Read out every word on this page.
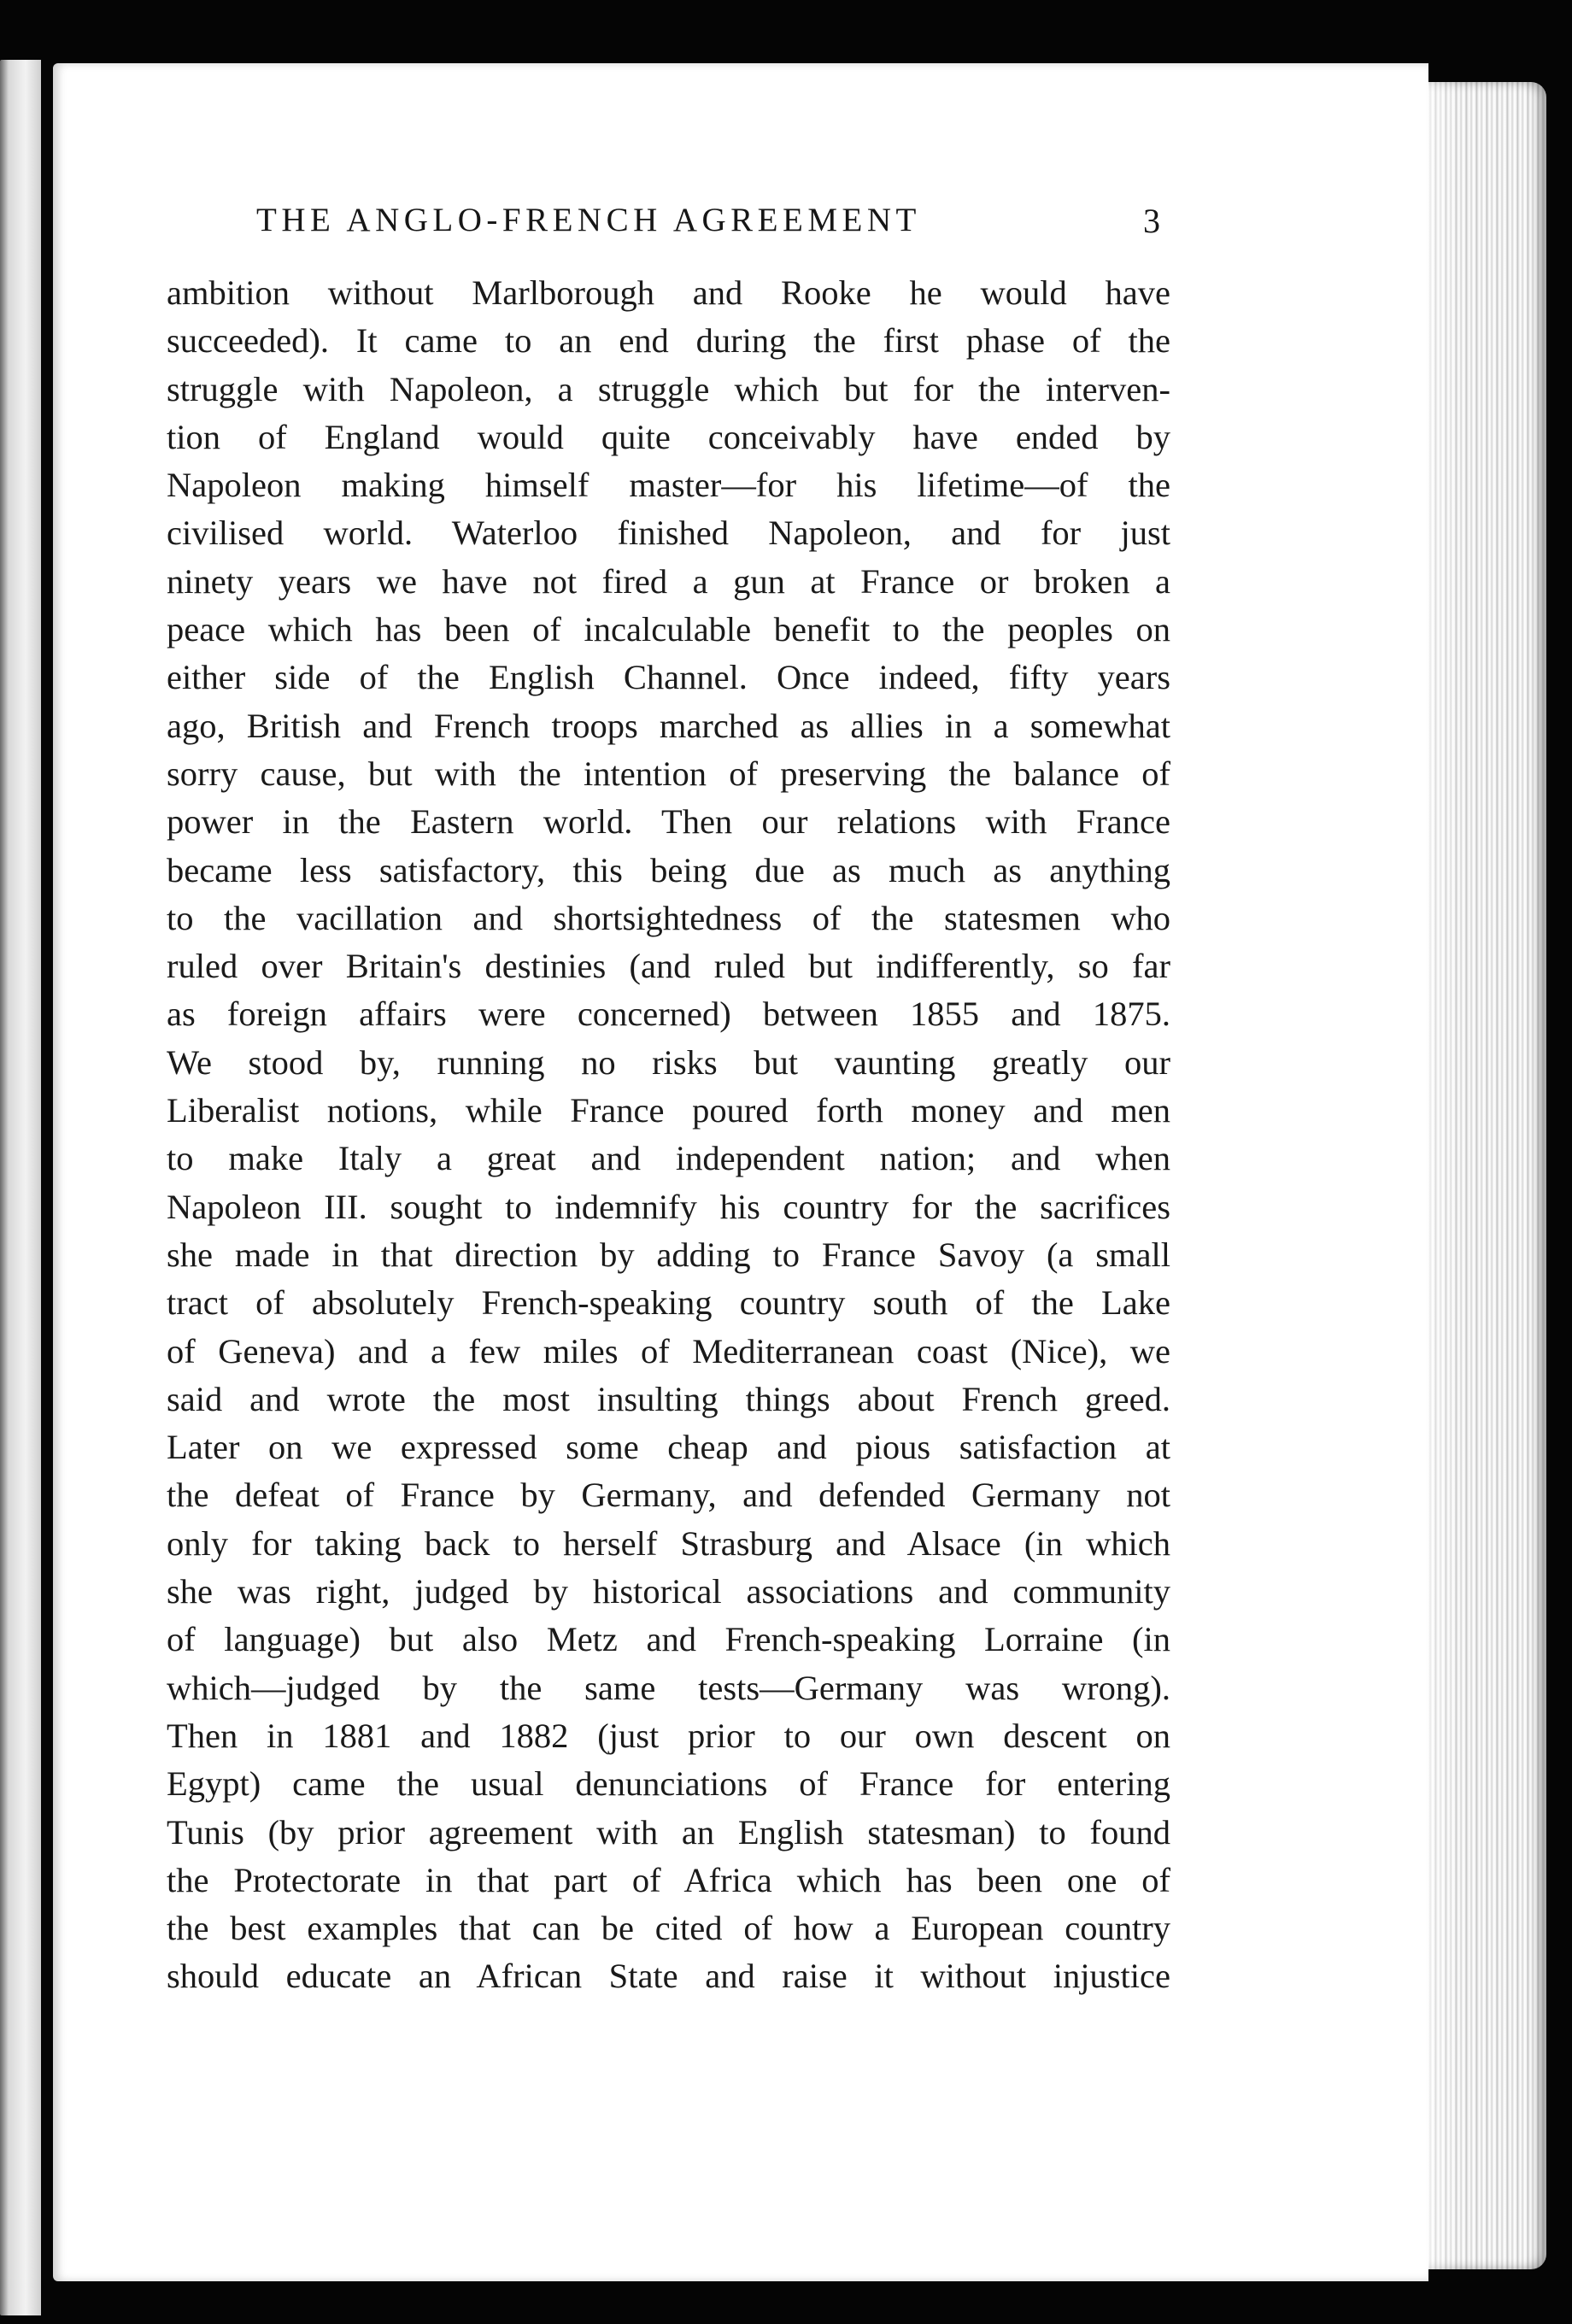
THE ANGLO-FRENCH AGREEMENT	3
ambition without Marlborough and Rooke he would have
succeeded). It came to an end during the first phase of the
struggle with Napoleon, a struggle which but for the interven-
tion of England would quite conceivably have ended by
Napoleon making himself master—for his lifetime—of the
civilised world. Waterloo finished Napoleon, and for just
ninety years we have not fired a gun at France or broken a
peace which has been of incalculable benefit to the peoples on
either side of the English Channel. Once indeed, fifty years
ago, British and French troops marched as allies in a somewhat
sorry cause, but with the intention of preserving the balance of
power in the Eastern world. Then our relations with France
became less satisfactory, this being due as much as anything
to the vacillation and shortsightedness of the statesmen who
ruled over Britain's destinies (and ruled but indifferently, so far
as foreign affairs were concerned) between 1855 and 1875.
We stood by, running no risks but vaunting greatly our
Liberalist notions, while France poured forth money and men
to make Italy a great and independent nation; and when
Napoleon III. sought to indemnify his country for the sacrifices
she made in that direction by adding to France Savoy (a small
tract of absolutely French-speaking country south of the Lake
of Geneva) and a few miles of Mediterranean coast (Nice), we
said and wrote the most insulting things about French greed.
Later on we expressed some cheap and pious satisfaction at
the defeat of France by Germany, and defended Germany not
only for taking back to herself Strasburg and Alsace (in which
she was right, judged by historical associations and community
of language) but also Metz and French-speaking Lorraine (in
which—judged by the same tests—Germany was wrong).
Then in 1881 and 1882 (just prior to our own descent on
Egypt) came the usual denunciations of France for entering
Tunis (by prior agreement with an English statesman) to found
the Protectorate in that part of Africa which has been one of
the best examples that can be cited of how a European country
should educate an African State and raise it without injustice
